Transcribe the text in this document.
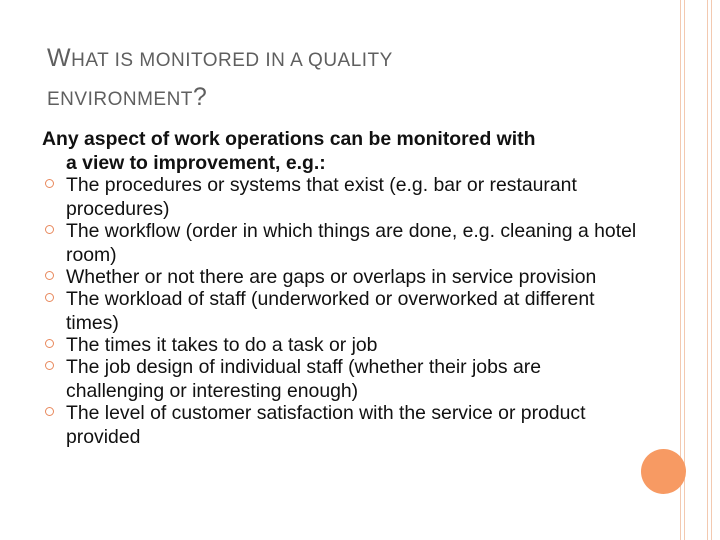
WHAT IS MONITORED IN A QUALITY
ENVIRONMENT?
Any aspect of work operations can be monitored with
a view to improvement, e.g.:
The procedures or systems that exist (e.g. bar or restaurant procedures)
The workflow (order in which things are done, e.g. cleaning a hotel room)
Whether or not there are gaps or overlaps in service provision
The workload of staff (underworked or overworked at different times)
The times it takes to do a task or job
The job design of individual staff (whether their jobs are challenging or interesting enough)
The level of customer satisfaction with the service or product provided
